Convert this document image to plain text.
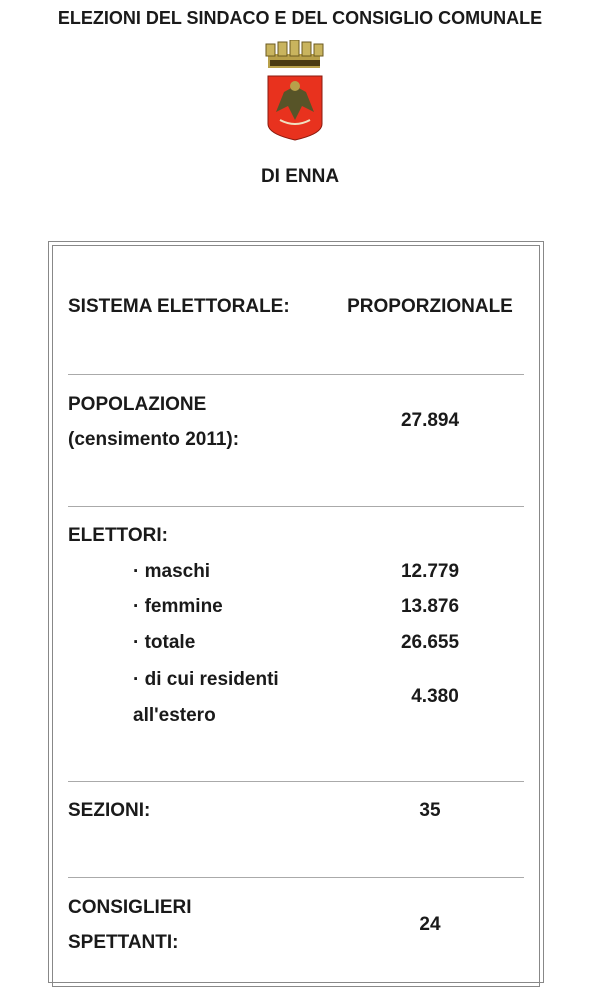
ELEZIONI DEL SINDACO E DEL CONSIGLIO COMUNALE
DI ENNA
SISTEMA ELETTORALE:	PROPORZIONALE
POPOLAZIONE
(censimento 2011):
27.894
ELETTORI:
· maschi	12.779
· femmine	13.876
· totale	26.655
· di cui residenti
all'estero
4.380
SEZIONI:	35
CONSIGLIERI
SPETTANTI:
24
